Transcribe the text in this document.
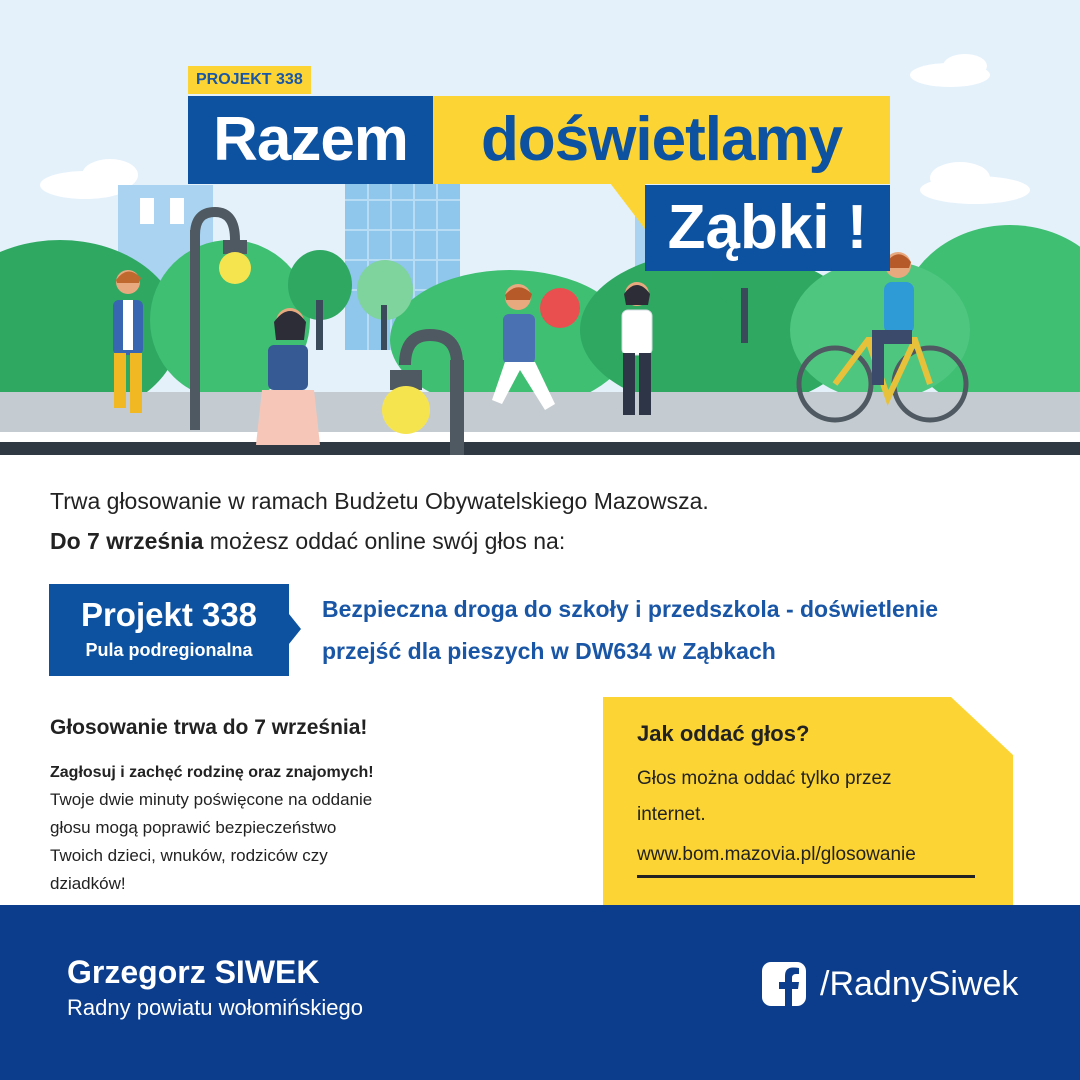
PROJEKT 338
Razem	doświetlamy
Ząbki !
Trwa głosowanie w ramach Budżetu Obywatelskiego Mazowsza.
Do 7 września możesz oddać online swój głos na:
Projekt 338
Pula podregionalna
Bezpieczna droga do szkoły i przedszkola - doświetlenie
przejść dla pieszych w DW634 w Ząbkach
Głosowanie trwa do 7 września!
Zagłosuj i zachęć rodzinę oraz znajomych!
Twoje dwie minuty poświęcone na oddanie
głosu mogą poprawić bezpieczeństwo
Twoich dzieci, wnuków, rodziców czy
dziadków!
Jak oddać głos?
Głos można oddać tylko przez
internet.
www.bom.mazovia.pl/glosowanie
Grzegorz SIWEK
Radny powiatu wołomińskiego
/RadnySiwek
